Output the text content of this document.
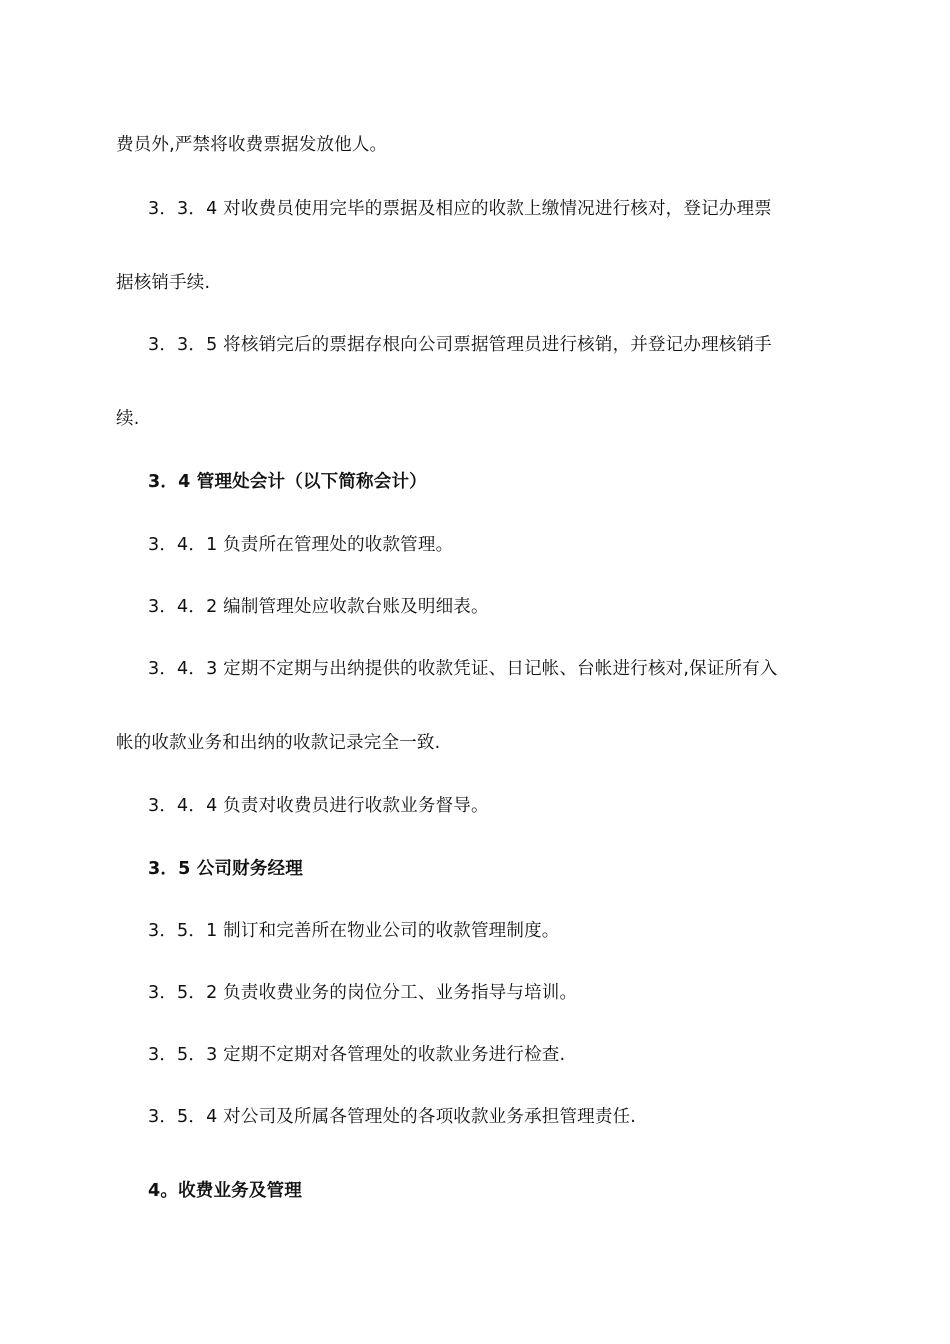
费员外,严禁将收费票据发放他人。
3．3．4 对收费员使用完毕的票据及相应的收款上缴情况进行核对，登记办理票
据核销手续.
3．3．5 将核销完后的票据存根向公司票据管理员进行核销，并登记办理核销手
续.
3．4 管理处会计（以下简称会计）
3．4．1 负责所在管理处的收款管理。
3．4．2 编制管理处应收款台账及明细表。
3．4．3 定期不定期与出纳提供的收款凭证、日记帐、台帐进行核对,保证所有入
帐的收款业务和出纳的收款记录完全一致.
3．4．4 负责对收费员进行收款业务督导。
3．5 公司财务经理
3．5．1 制订和完善所在物业公司的收款管理制度。
3．5．2 负责收费业务的岗位分工、业务指导与培训。
3．5．3 定期不定期对各管理处的收款业务进行检查.
3．5．4 对公司及所属各管理处的各项收款业务承担管理责任.
4。收费业务及管理
